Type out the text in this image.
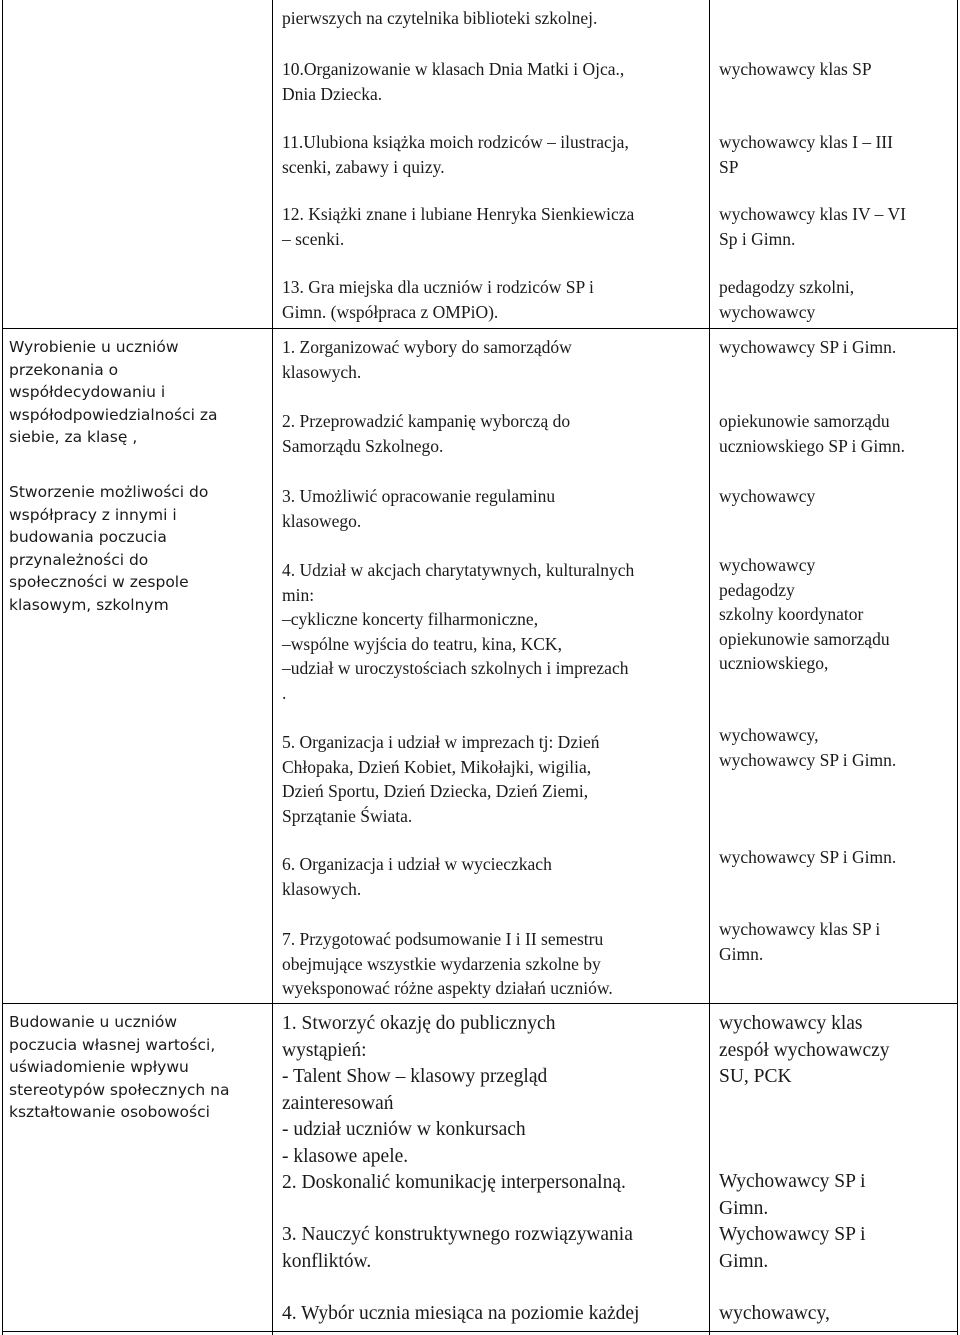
Wyrobienie u uczniów
przekonania o
współdecydowaniu i
współodpowiedzialności za
siebie, za klasę ,
Stworzenie możliwości do
współpracy z innymi i
budowania poczucia
przynależności do
społeczności w zespole
klasowym, szkolnym
Budowanie u uczniów
poczucia własnej wartości,
uświadomienie wpływu
stereotypów społecznych na
kształtowanie osobowości
pierwszych na czytelnika biblioteki szkolnej.
10.Organizowanie w klasach Dnia Matki i Ojca.,
Dnia Dziecka.
11.Ulubiona książka moich rodziców – ilustracja,
scenki, zabawy i quizy.
12. Książki znane i lubiane Henryka Sienkiewicza
– scenki.
13. Gra miejska dla uczniów i rodziców SP i
Gimn. (współpraca z OMPiO).
1. Zorganizować wybory do samorządów
klasowych.
2. Przeprowadzić kampanię wyborczą do
Samorządu Szkolnego.
3. Umożliwić opracowanie regulaminu
klasowego.
4. Udział w akcjach charytatywnych, kulturalnych
min:
–cykliczne koncerty filharmoniczne,
–wspólne wyjścia do teatru, kina, KCK,
–udział w uroczystościach szkolnych i imprezach
.
5. Organizacja i udział w imprezach tj: Dzień
Chłopaka, Dzień Kobiet, Mikołajki, wigilia,
Dzień Sportu, Dzień Dziecka, Dzień Ziemi,
Sprzątanie Świata.
6. Organizacja i udział w wycieczkach
klasowych.
7. Przygotować podsumowanie I i II semestru
obejmujące wszystkie wydarzenia szkolne by
wyeksponować różne aspekty działań uczniów.
1. Stworzyć okazję do publicznych
wystąpień:
- Talent Show – klasowy przegląd
zainteresowań
- udział uczniów w konkursach
- klasowe apele.
2. Doskonalić komunikację interpersonalną.
3. Nauczyć konstruktywnego rozwiązywania
konfliktów.
4. Wybór ucznia miesiąca na poziomie każdej
wychowawcy klas SP
wychowawcy klas I – III
SP
wychowawcy klas IV – VI
Sp i Gimn.
pedagodzy szkolni,
wychowawcy
wychowawcy SP i Gimn.
opiekunowie samorządu
uczniowskiego SP i Gimn.
wychowawcy
wychowawcy
pedagodzy
szkolny koordynator
opiekunowie samorządu
uczniowskiego,
wychowawcy,
wychowawcy SP i Gimn.
wychowawcy SP i Gimn.
wychowawcy klas SP i
Gimn.
wychowawcy klas
zespół wychowawczy
SU, PCK
Wychowawcy SP i
Gimn.
Wychowawcy SP i
Gimn.
wychowawcy,
